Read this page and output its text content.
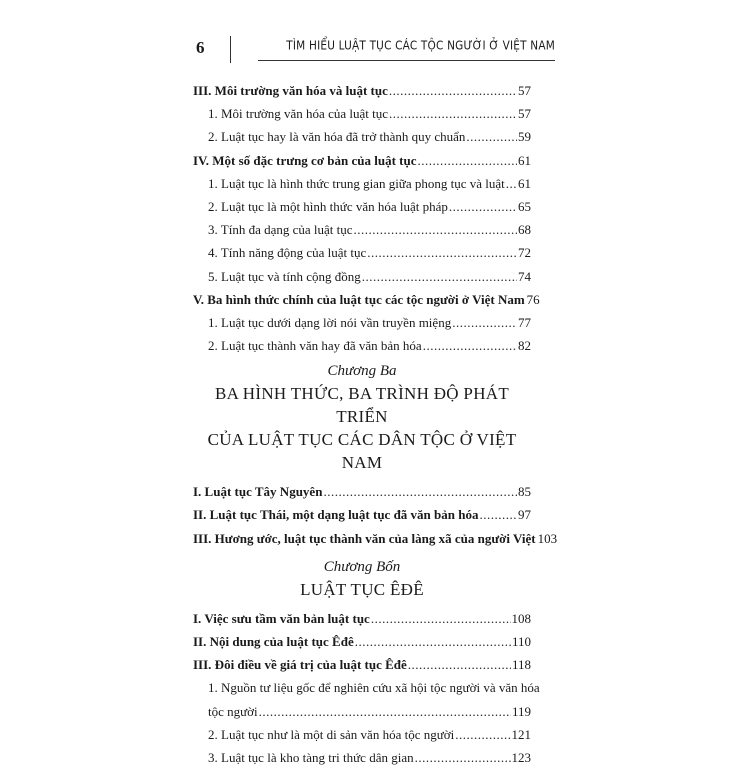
6	TÌM HIỂU LUẬT TỤC CÁC TỘC NGƯỜI Ở VIỆT NAM
III. Môi trường văn hóa và luật tục .....	57
1. Môi trường văn hóa của luật tục .....	57
2. Luật tục hay là văn hóa đã trở thành quy chuẩn .....	59
IV. Một số đặc trưng cơ bản của luật tục .....	61
1. Luật tục là hình thức trung gian giữa phong tục và luật ..... 61
2. Luật tục là một hình thức văn hóa luật pháp .....	65
3. Tính đa dạng của luật tục .....	68
4. Tính năng động của luật tục .....	72
5. Luật tục và tính cộng đồng .....	74
V. Ba hình thức chính của luật tục các tộc người ở Việt Nam 76
1. Luật tục dưới dạng lời nói vần truyền miệng .....	77
2. Luật tục thành văn hay đã văn bản hóa .....	82
Chương Ba
BA HÌNH THỨC, BA TRÌNH ĐỘ PHÁT TRIỂN
CỦA LUẬT TỤC CÁC DÂN TỘC Ở VIỆT NAM
I. Luật tục Tây Nguyên .....	85
II. Luật tục Thái, một dạng luật tục đã văn bản hóa .....	97
III. Hương ước, luật tục thành văn của làng xã của người Việt 103
Chương Bốn
LUẬT TỤC ÊĐÊ
I. Việc sưu tầm văn bản luật tục .....	108
II. Nội dung của luật tục Êđê .....	110
III. Đôi điều về giá trị của luật tục Êđê .....	118
1. Nguồn tư liệu gốc để nghiên cứu xã hội tộc người và văn hóa
tộc người .....	119
2. Luật tục như là một di sản văn hóa tộc người .....	121
3. Luật tục là kho tàng tri thức dân gian .....	123
